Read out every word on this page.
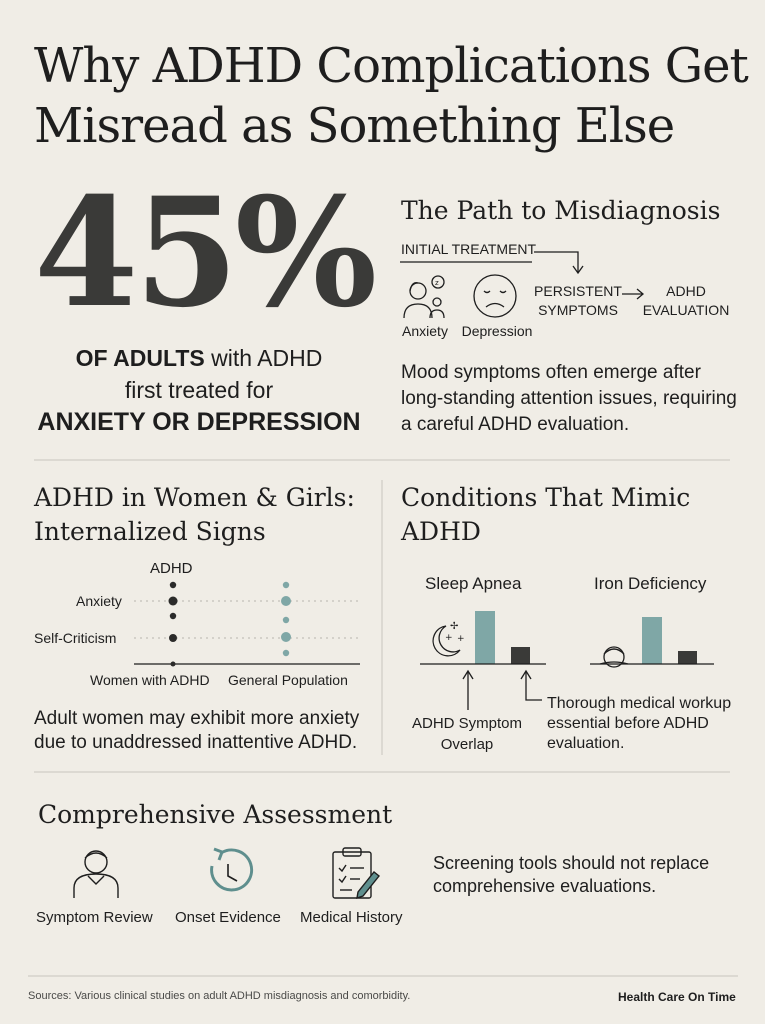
Why ADHD Complications Get Misread as Something Else
45%
OF ADULTS with ADHD
first treated for
ANXIETY OR DEPRESSION
The Path to Misdiagnosis
INITIAL TREATMENT
z
✢
+
+
Anxiety Depression
PERSISTENT SYMPTOMS
ADHD EVALUATION
Mood symptoms often emerge after long-standing attention issues, requiring a careful ADHD evaluation.
ADHD in Women & Girls: Internalized Signs
ADHD
Anxiety
Self-Criticism
Women with ADHD General Population
Adult women may exhibit more anxiety due to unaddressed inattentive ADHD.
Conditions That Mimic ADHD
Sleep Apnea	Iron Deficiency
ADHD Symptom Overlap
Thorough medical workup essential before ADHD evaluation.
Comprehensive Assessment
Symptom Review Onset Evidence Medical History
Screening tools should not replace comprehensive evaluations.
Sources: Various clinical studies on adult ADHD misdiagnosis and comorbidity.	Health Care On Time
